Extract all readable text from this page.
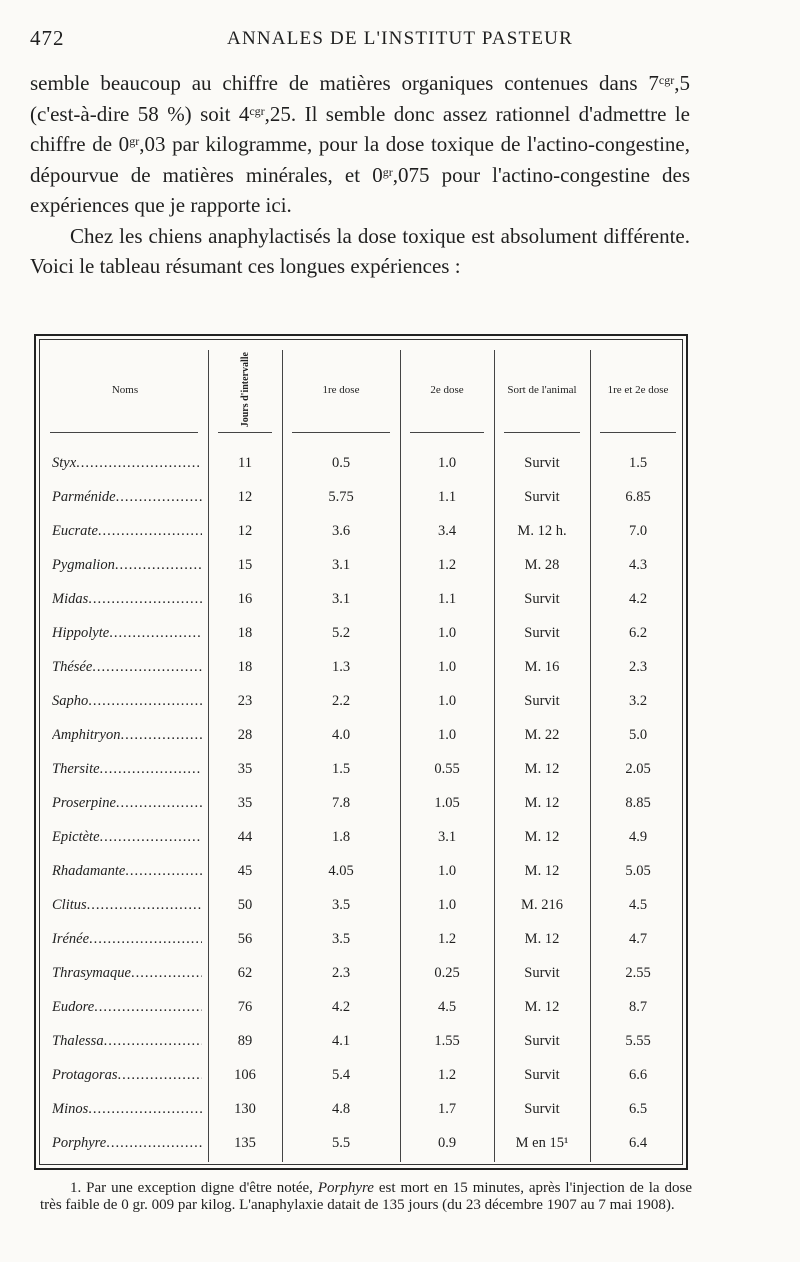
472	ANNALES DE L'INSTITUT PASTEUR

semble beaucoup au chiffre de matières organiques contenues dans $7^{cgr},5$ (c'est-à-dire 58 %) soit $4^{cgr},25$. Il semble donc assez rationnel d'admettre le chiffre de $0^{gr},03$ par kilogramme, pour la dose toxique de l'actino-congestine, dépourvue de matières minérales, et $0^{gr},075$ pour l'actino-congestine des expériences que je rapporte ici.

Chez les chiens anaphylactisés la dose toxique est absolument différente. Voici le tableau résumant ces longues expériences :

Noms	Jours d'intervalle	1re dose	2e dose	Sort de l'animal	1re et 2e dose
Styx .....	11	0.5	1.0	Survit	1.5
Parménide .....	12	5.75	1.1	Survit	6.85
Eucrate .....	12	3.6	3.4	M. 12 h.	7.0
Pygmalion .....	15	3.1	1.2	M. 28	4.3
Midas .....	16	3.1	1.1	Survit	4.2
Hippolyte .....	18	5.2	1.0	Survit	6.2
Thésée .....	18	1.3	1.0	M. 16	2.3
Sapho .....	23	2.2	1.0	Survit	3.2
Amphitryon .....	28	4.0	1.0	M. 22	5.0
Thersite .....	35	1.5	0.55	M. 12	2.05
Proserpine .....	35	7.8	1.05	M. 12	8.85
Epictète .....	44	1.8	3.1	M. 12	4.9
Rhadamante .....	45	4.05	1.0	M. 12	5.05
Clitus .....	50	3.5	1.0	M. 216	4.5
Irénée .....	56	3.5	1.2	M. 12	4.7
Thrasymaque .....	62	2.3	0.25	Survit	2.55
Eudore .....	76	4.2	4.5	M. 12	8.7
Thalessa .....	89	4.1	1.55	Survit	5.55
Protagoras .....	106	5.4	1.2	Survit	6.6
Minos .....	130	4.8	1.7	Survit	6.5
Porphyre .....	135	5.5	0.9	M en 15¹	6.4

1. Par une exception digne d'être notée, Porphyre est mort en 15 minutes, après l'injection de la dose très faible de 0 gr. 009 par kilog. L'anaphylaxie datait de 135 jours (du 23 décembre 1907 au 7 mai 1908).
